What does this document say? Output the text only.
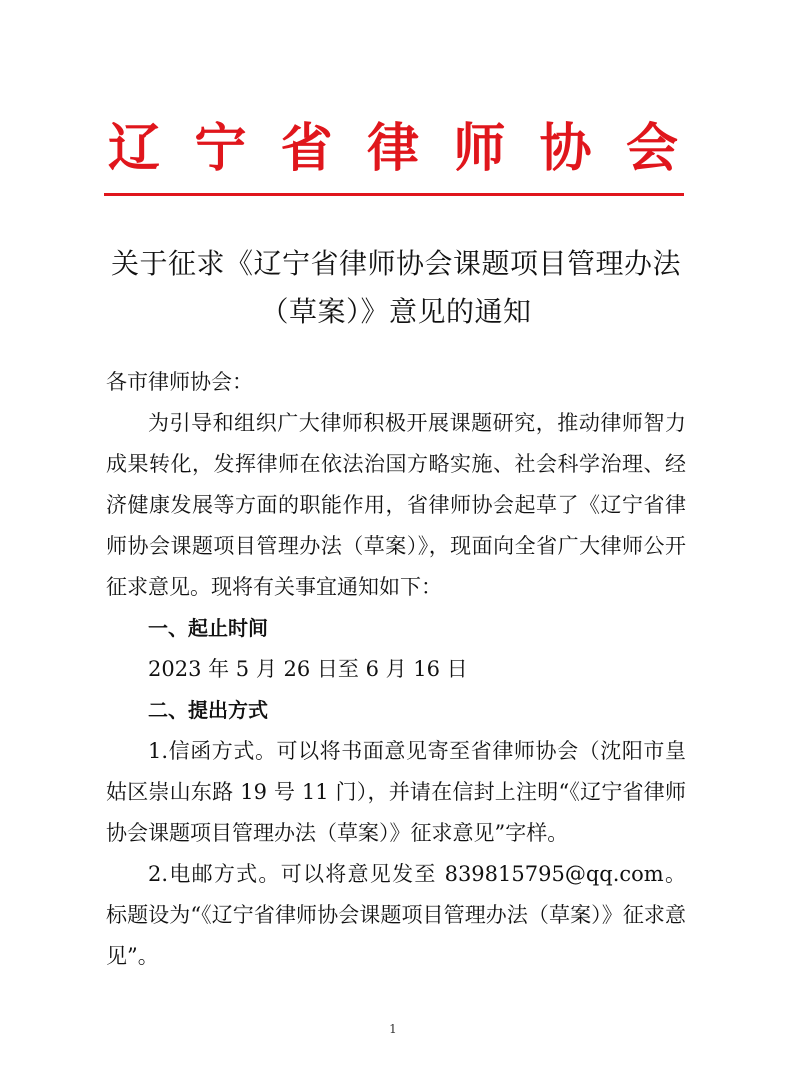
辽 宁 省 律 师 协 会
关于征求《辽宁省律师协会课题项目管理办法
（草案）》意见的通知

各市律师协会：

为引导和组织广大律师积极开展课题研究，推动律师智力成果转化，发挥律师在依法治国方略实施、社会科学治理、经济健康发展等方面的职能作用，省律师协会起草了《辽宁省律师协会课题项目管理办法（草案）》，现面向全省广大律师公开征求意见。现将有关事宜通知如下：

一、起止时间

2023 年 5 月 26 日至 6 月 16 日

二、提出方式

1.信函方式。可以将书面意见寄至省律师协会（沈阳市皇姑区崇山东路 19 号 11 门），并请在信封上注明“《辽宁省律师协会课题项目管理办法（草案）》征求意见”字样。

2.电邮方式。可以将意见发至 839815795@qq.com。标题设为“《辽宁省律师协会课题项目管理办法（草案）》征求意见”。

1
